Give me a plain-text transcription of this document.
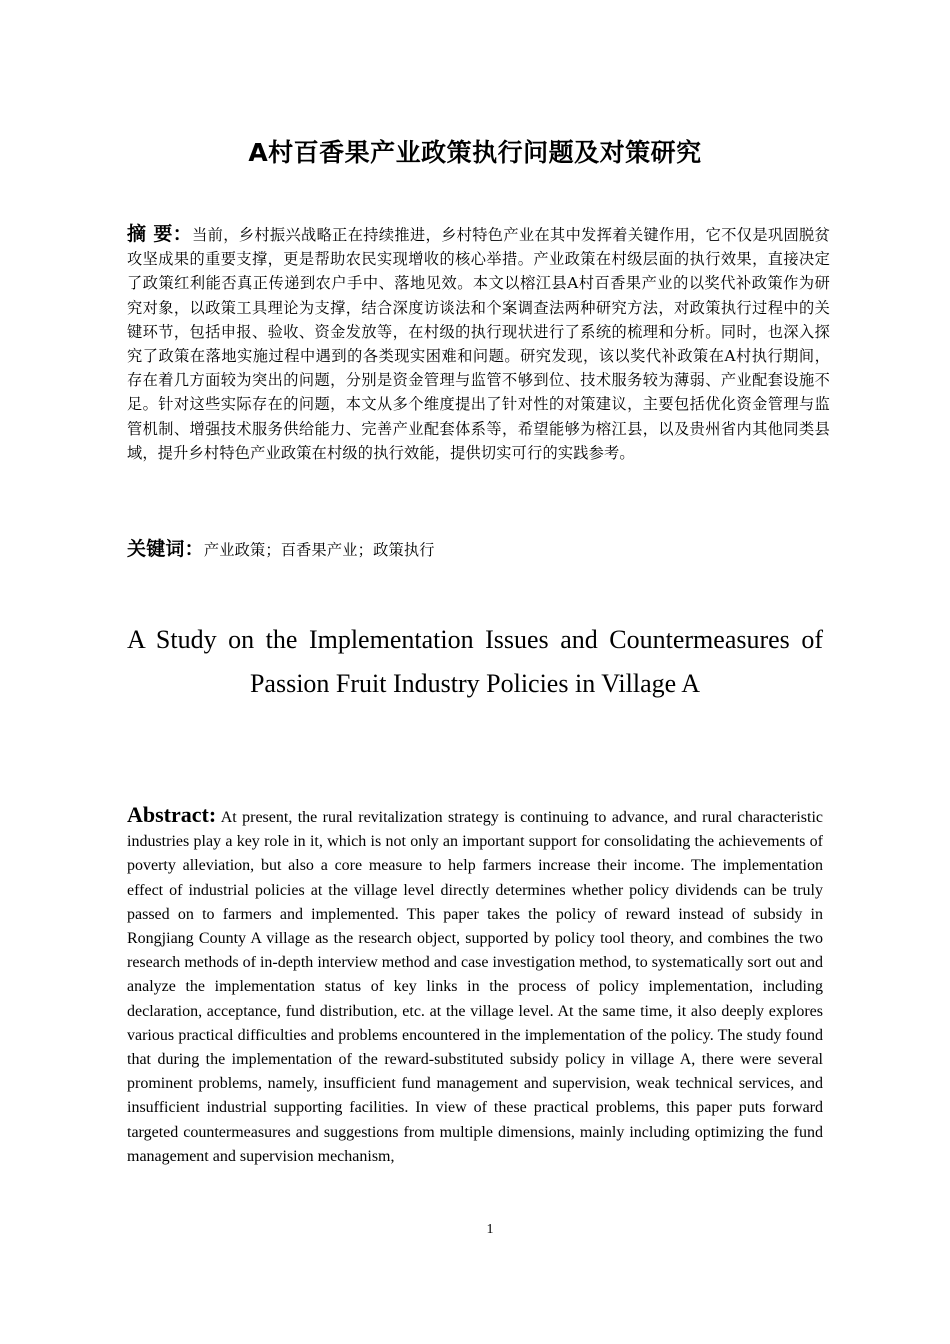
A村百香果产业政策执行问题及对策研究
摘 要：当前，乡村振兴战略正在持续推进，乡村特色产业在其中发挥着关键作用，它不仅是巩固脱贫攻坚成果的重要支撑，更是帮助农民实现增收的核心举措。产业政策在村级层面的执行效果，直接决定了政策红利能否真正传递到农户手中、落地见效。本文以榕江县A村百香果产业的以奖代补政策作为研究对象，以政策工具理论为支撑，结合深度访谈法和个案调查法两种研究方法，对政策执行过程中的关键环节，包括申报、验收、资金发放等，在村级的执行现状进行了系统的梳理和分析。同时，也深入探究了政策在落地实施过程中遇到的各类现实困难和问题。研究发现，该以奖代补政策在A村执行期间，存在着几方面较为突出的问题，分别是资金管理与监管不够到位、技术服务较为薄弱、产业配套设施不足。针对这些实际存在的问题，本文从多个维度提出了针对性的对策建议，主要包括优化资金管理与监管机制、增强技术服务供给能力、完善产业配套体系等，希望能够为榕江县，以及贵州省内其他同类县域，提升乡村特色产业政策在村级的执行效能，提供切实可行的实践参考。
关键词：产业政策；百香果产业；政策执行
A Study on the Implementation Issues and Countermeasures of Passion Fruit Industry Policies in Village A
Abstract: At present, the rural revitalization strategy is continuing to advance, and rural characteristic industries play a key role in it, which is not only an important support for consolidating the achievements of poverty alleviation, but also a core measure to help farmers increase their income. The implementation effect of industrial policies at the village level directly determines whether policy dividends can be truly passed on to farmers and implemented. This paper takes the policy of reward instead of subsidy in Rongjiang County A village as the research object, supported by policy tool theory, and combines the two research methods of in-depth interview method and case investigation method, to systematically sort out and analyze the implementation status of key links in the process of policy implementation, including declaration, acceptance, fund distribution, etc. at the village level. At the same time, it also deeply explores various practical difficulties and problems encountered in the implementation of the policy. The study found that during the implementation of the reward-substituted subsidy policy in village A, there were several prominent problems, namely, insufficient fund management and supervision, weak technical services, and insufficient industrial supporting facilities. In view of these practical problems, this paper puts forward targeted countermeasures and suggestions from multiple dimensions, mainly including optimizing the fund management and supervision mechanism,
1
